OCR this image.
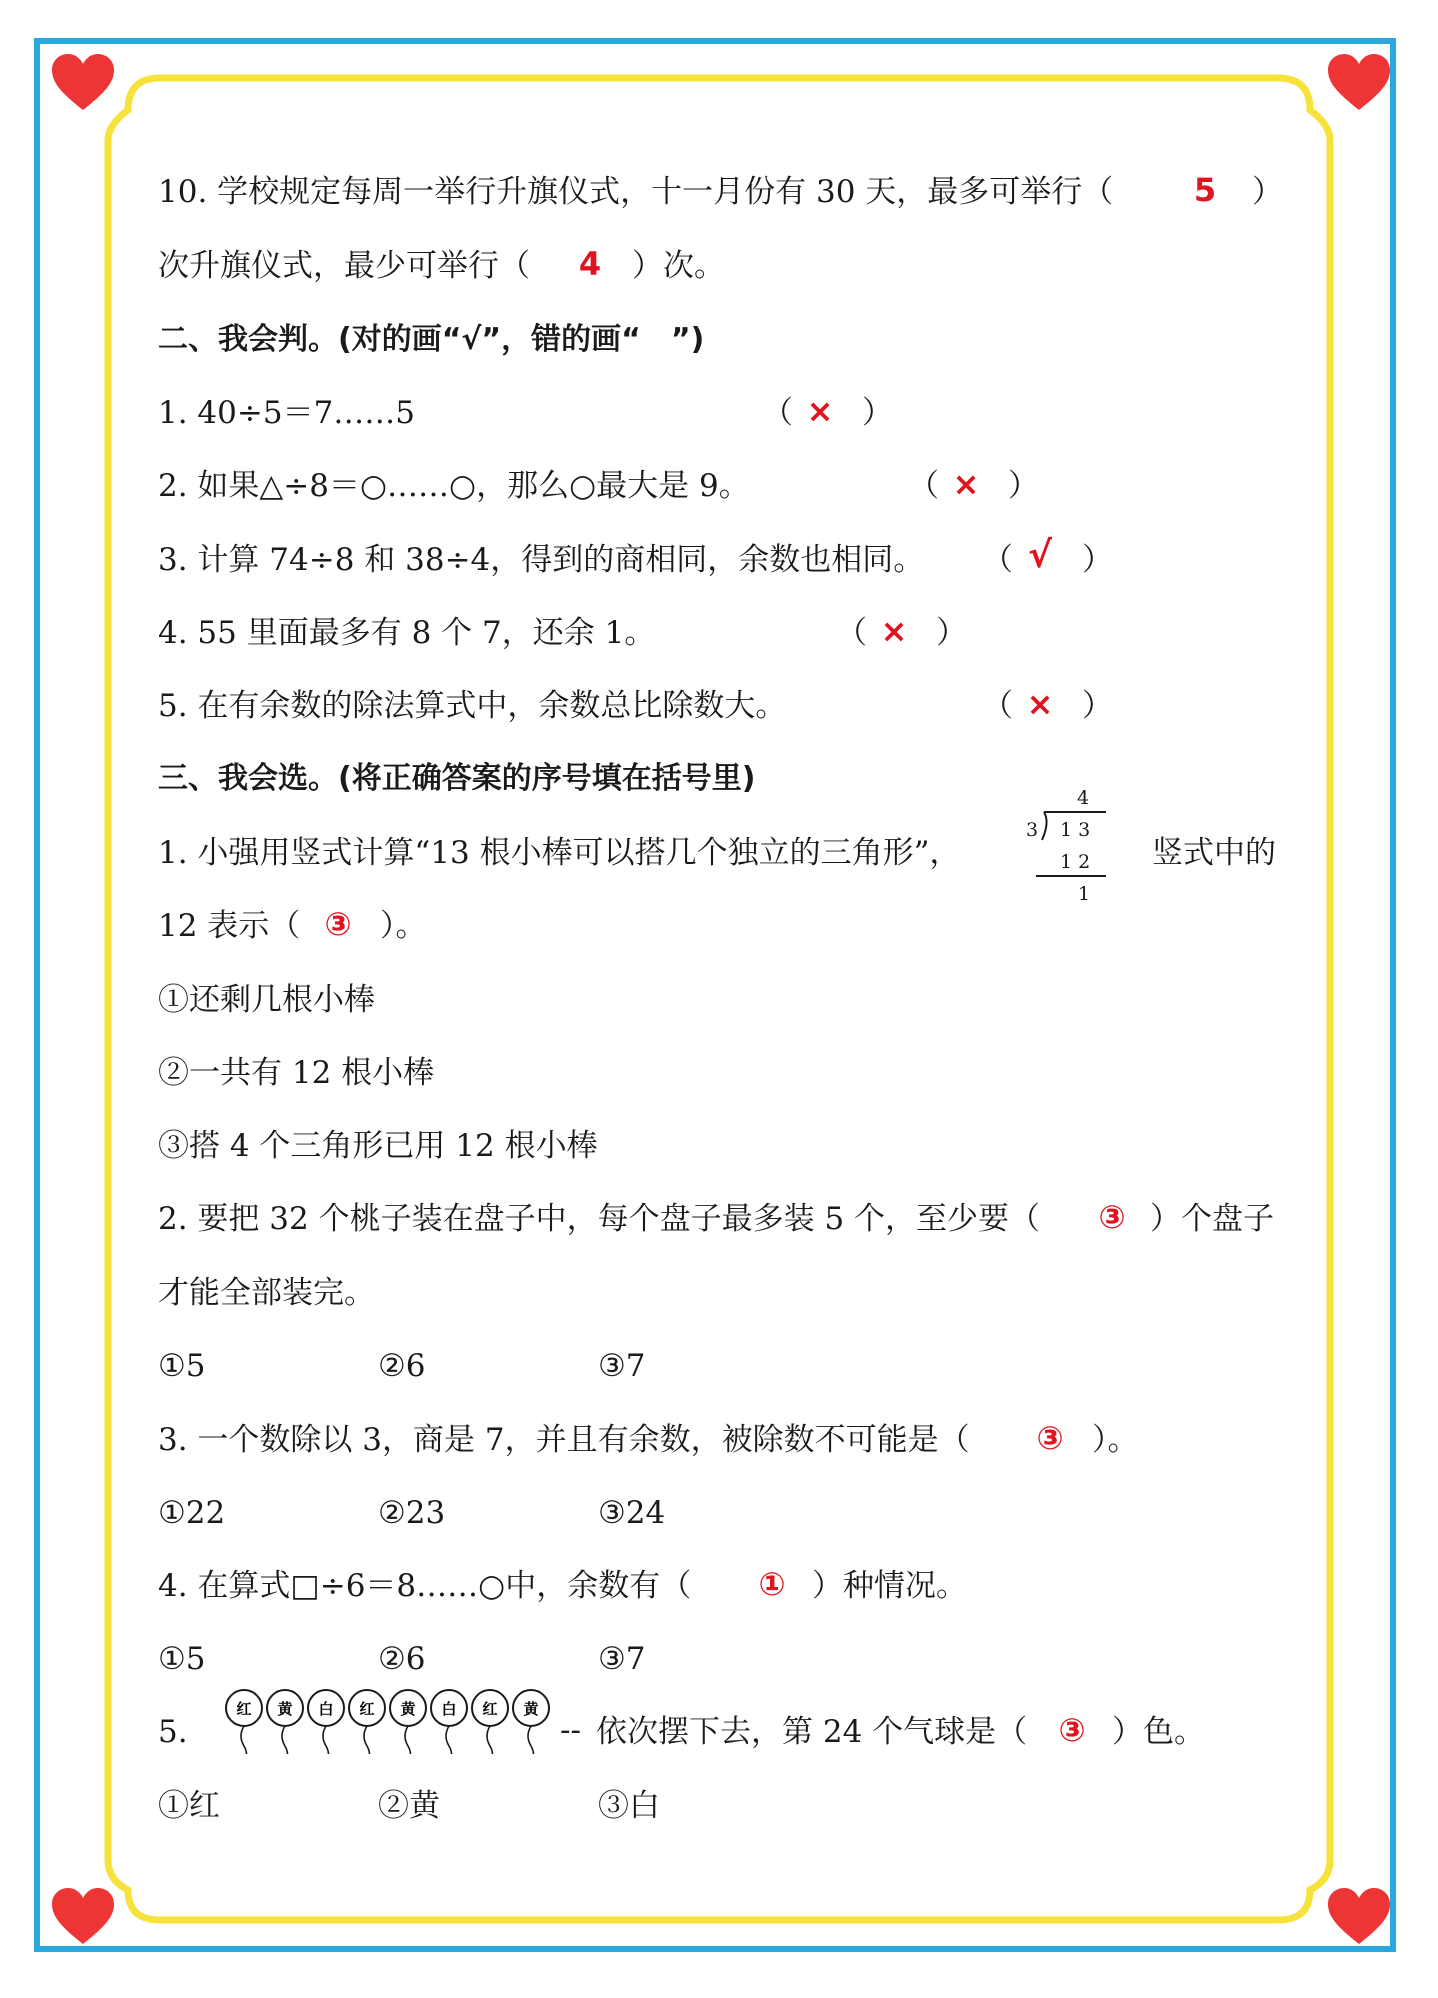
10. 学校规定每周一举行升旗仪式，十一月份有 30 天，最多可举行（	5	）
次升旗仪式，最少可举行（	4 ）次。
二、我会判。(对的画“√”，错的画“　”)
1. 40÷5＝7……5	（ × ）
2. 如果△÷8＝○……○，那么○最大是 9。	（ × ）
3. 计算 74÷8 和 38÷4，得到的商相同，余数也相同。 （ √ ）
4. 55 里面最多有 8 个 7，还余 1。	（ × ）
5. 在有余数的除法算式中，余数总比除数大。	（ × ）
三、我会选。(将正确答案的序号填在括号里)
1. 小强用竖式计算“13 根小棒可以搭几个独立的三角形”，
4
3 1 3
1 2
1
竖式中的
12 表示（ ③ ）。
①还剩几根小棒
②一共有 12 根小棒
③搭 4 个三角形已用 12 根小棒
2. 要把 32 个桃子装在盘子中，每个盘子最多装 5 个，至少要（ ③ ）个盘子
才能全部装完。
①5	②6	③7
3. 一个数除以 3，商是 7，并且有余数，被除数不可能是（ ③ ）。
①22	②23	③24
4. 在算式□÷6＝8……○中，余数有（ ① ）种情况。
①5	②6	③7
5.
红 黄 白 红 黄 白 红 黄
-- 依次摆下去，第 24 个气球是（ ③ ）色。
①红	②黄	③白
